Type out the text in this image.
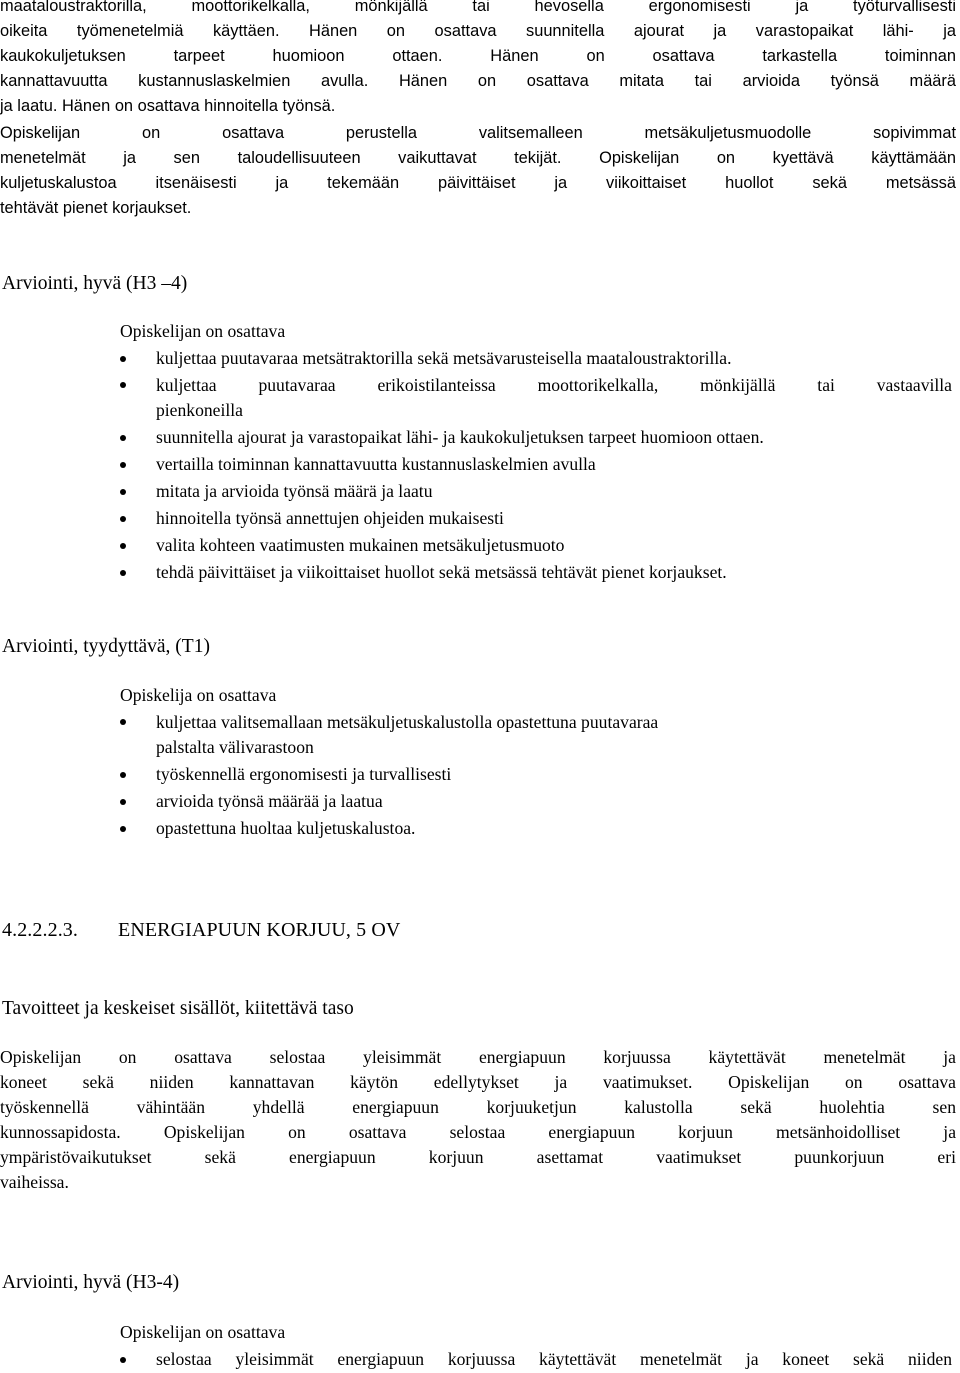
maataloustraktorilla, moottorikelkalla, mönkijällä tai hevosella ergonomisesti ja työturvallisesti
oikeita työmenetelmiä käyttäen. Hänen on osattava suunnitella ajourat ja varastopaikat lähi- ja
kaukokuljetuksen tarpeet huomioon ottaen. Hänen on osattava tarkastella toiminnan
kannattavuutta kustannuslaskelmien avulla. Hänen on osattava mitata tai arvioida työnsä määrä
ja laatu. Hänen on osattava hinnoitella työnsä.
Opiskelijan on osattava perustella valitsemalleen metsäkuljetusmuodolle sopivimmat
menetelmät ja sen taloudellisuuteen vaikuttavat tekijät. Opiskelijan on kyettävä käyttämään
kuljetuskalustoa itsenäisesti ja tekemään päivittäiset ja viikoittaiset huollot sekä metsässä
tehtävät pienet korjaukset.
Arviointi, hyvä (H3 –4)

Opiskelijan on osattava

kuljettaa puutavaraa metsätraktorilla sekä metsävarusteisella maataloustraktorilla.
kuljettaa puutavaraa erikoistilanteissa moottorikelkalla, mönkijällä tai vastaavilla
pienkoneilla
suunnitella ajourat ja varastopaikat lähi- ja kaukokuljetuksen tarpeet huomioon ottaen.
vertailla toiminnan kannattavuutta kustannuslaskelmien avulla
mitata ja arvioida työnsä määrä ja laatu
hinnoitella työnsä annettujen ohjeiden mukaisesti
valita kohteen vaatimusten mukainen metsäkuljetusmuoto
tehdä päivittäiset ja viikoittaiset huollot sekä metsässä tehtävät pienet korjaukset.
Arviointi, tyydyttävä, (T1)

Opiskelija on osattava

kuljettaa valitsemallaan metsäkuljetuskalustolla opastettuna puutavaraa
palstalta välivarastoon
työskennellä ergonomisesti ja turvallisesti
arvioida työnsä määrää ja laatua
opastettuna huoltaa kuljetuskalustoa.
4.2.2.2.3. ENERGIAPUUN KORJUU, 5 OV
Tavoitteet ja keskeiset sisällöt, kiitettävä taso
Opiskelijan on osattava selostaa yleisimmät energiapuun korjuussa käytettävät menetelmät ja
koneet sekä niiden kannattavan käytön edellytykset ja vaatimukset. Opiskelijan on osattava
työskennellä vähintään yhdellä energiapuun korjuuketjun kalustolla sekä huolehtia sen
kunnossapidosta. Opiskelijan on osattava selostaa energiapuun korjuun metsänhoidolliset ja
ympäristövaikutukset sekä energiapuun korjuun asettamat vaatimukset puunkorjuun eri
vaiheissa.
Arviointi, hyvä (H3-4)

Opiskelijan on osattava

selostaa yleisimmät energiapuun korjuussa käytettävät menetelmät ja koneet sekä niiden
